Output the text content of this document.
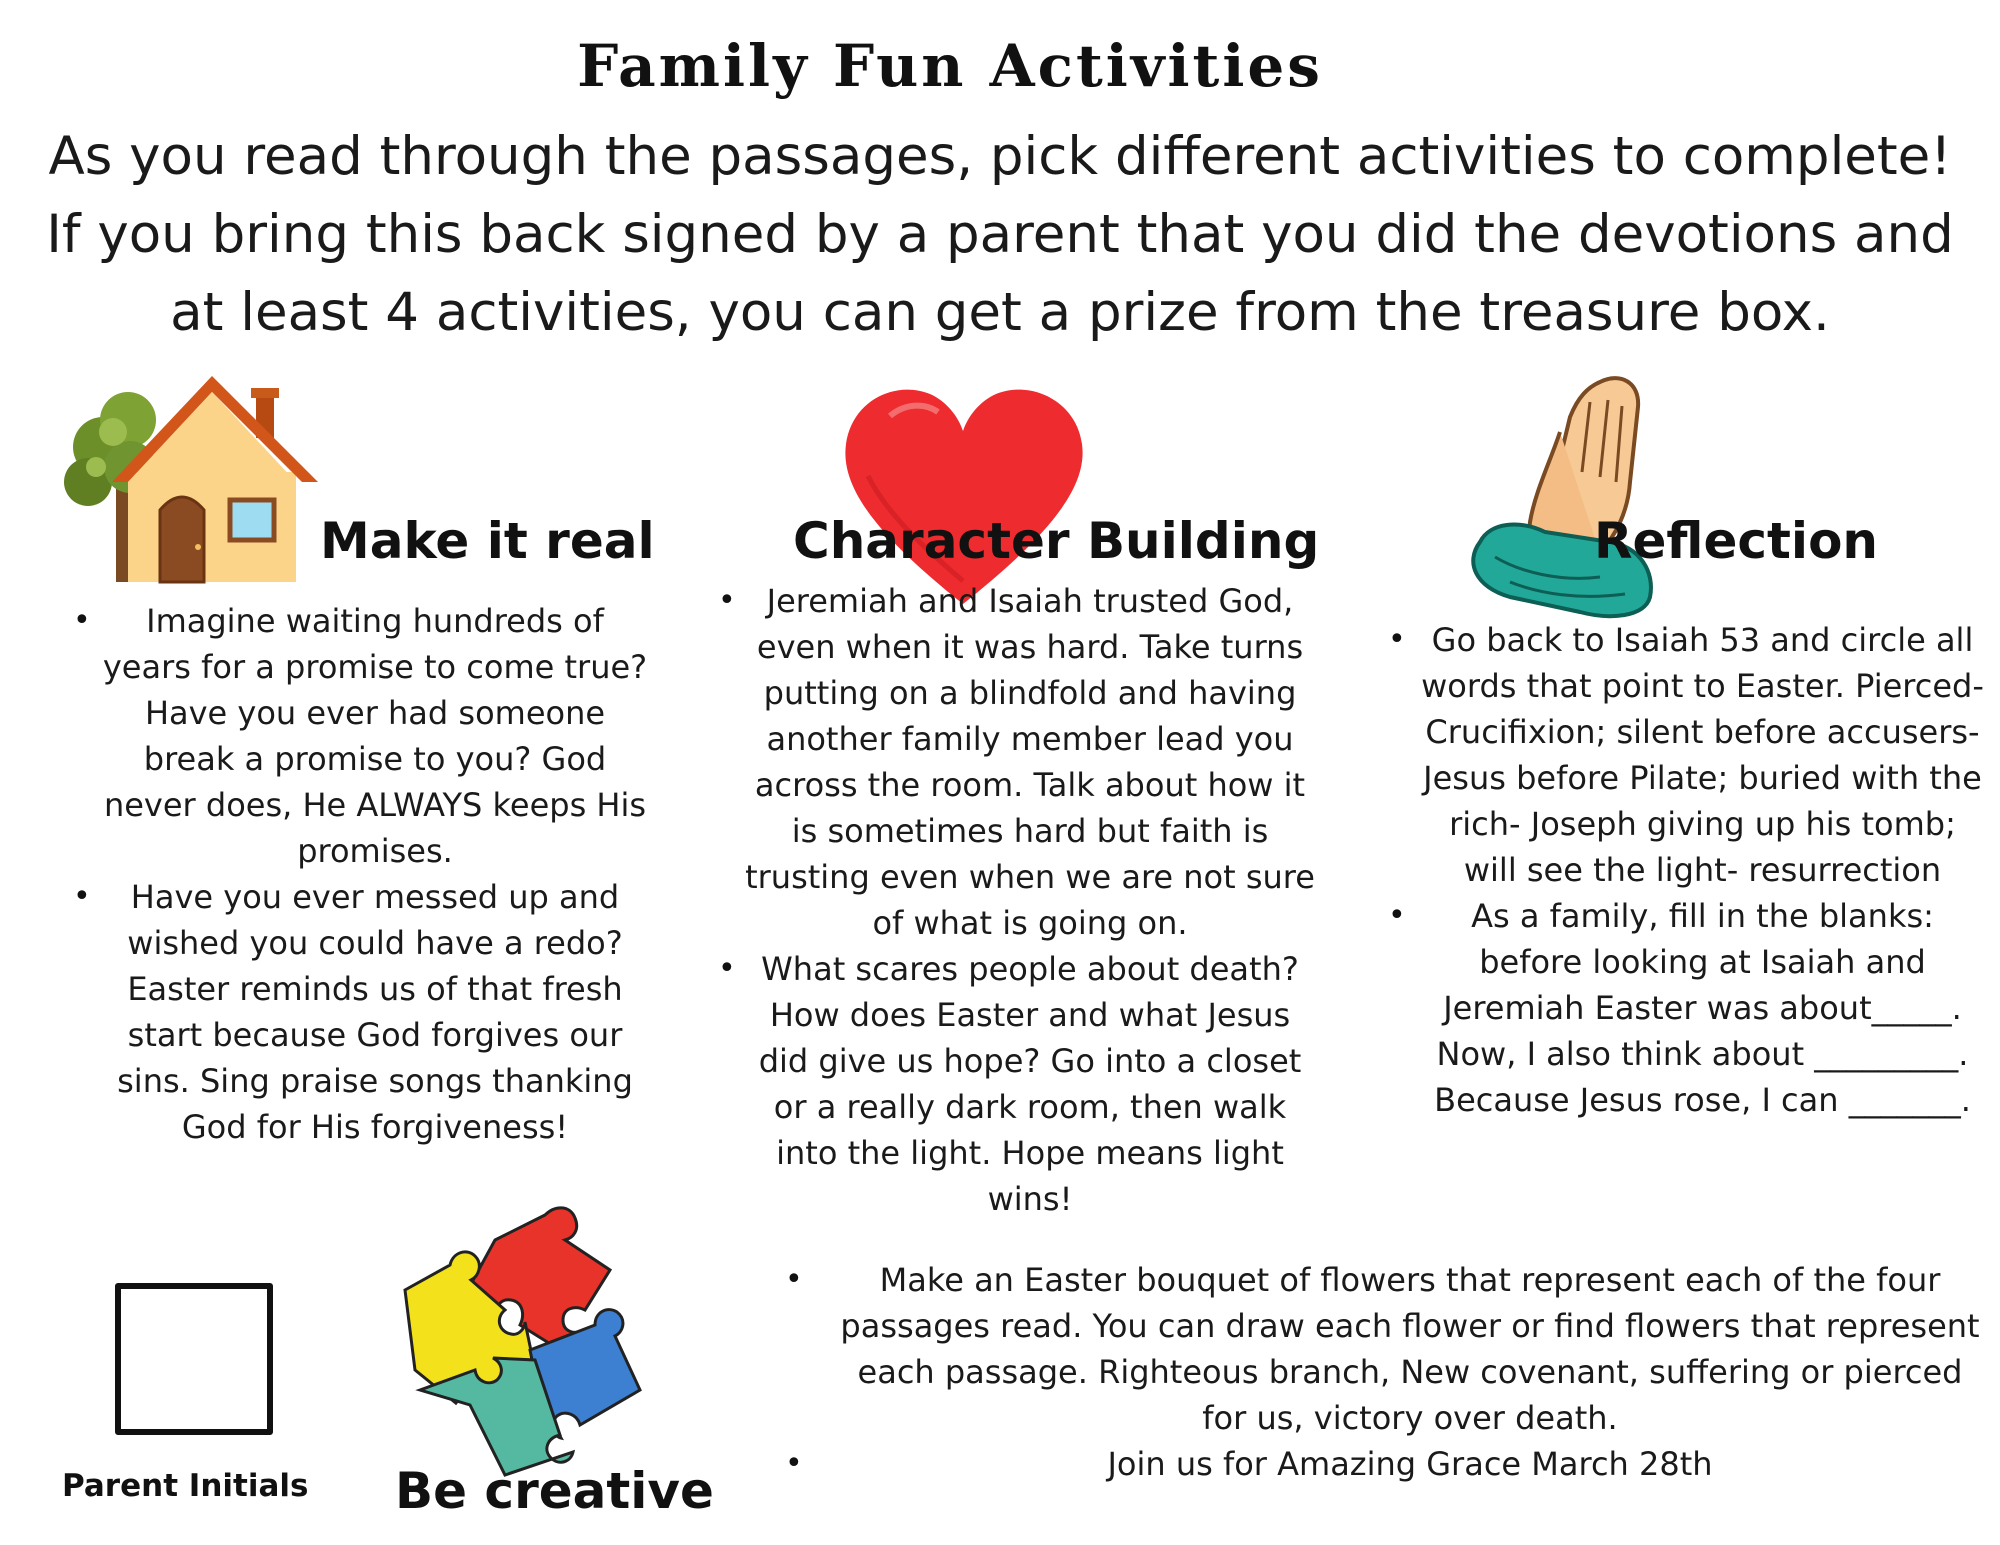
Family Fun Activities
As you read through the passages, pick different activities to complete! If you bring this back signed by a parent that you did the devotions and at least 4 activities, you can get a prize from the treasure box.
Make it real
• Imagine waiting hundreds of years for a promise to come true? Have you ever had someone break a promise to you? God never does, He ALWAYS keeps His promises.
• Have you ever messed up and wished you could have a redo? Easter reminds us of that fresh start because God forgives our sins. Sing praise songs thanking God for His forgiveness!
Character Building
• Jeremiah and Isaiah trusted God, even when it was hard. Take turns putting on a blindfold and having another family member lead you across the room. Talk about how it is sometimes hard but faith is trusting even when we are not sure of what is going on.
• What scares people about death? How does Easter and what Jesus did give us hope? Go into a closet or a really dark room, then walk into the light. Hope means light wins!
Reflection
• Go back to Isaiah 53 and circle all words that point to Easter. Pierced- Crucifixion; silent before accusers- Jesus before Pilate; buried with the rich- Joseph giving up his tomb; will see the light- resurrection
• As a family, fill in the blanks: before looking at Isaiah and Jeremiah Easter was about_____. Now, I also think about _________. Because Jesus rose, I can _______.
Parent Initials Be creative
• Make an Easter bouquet of flowers that represent each of the four passages read. You can draw each flower or find flowers that represent each passage. Righteous branch, New covenant, suffering or pierced for us, victory over death.
• Join us for Amazing Grace March 28th
